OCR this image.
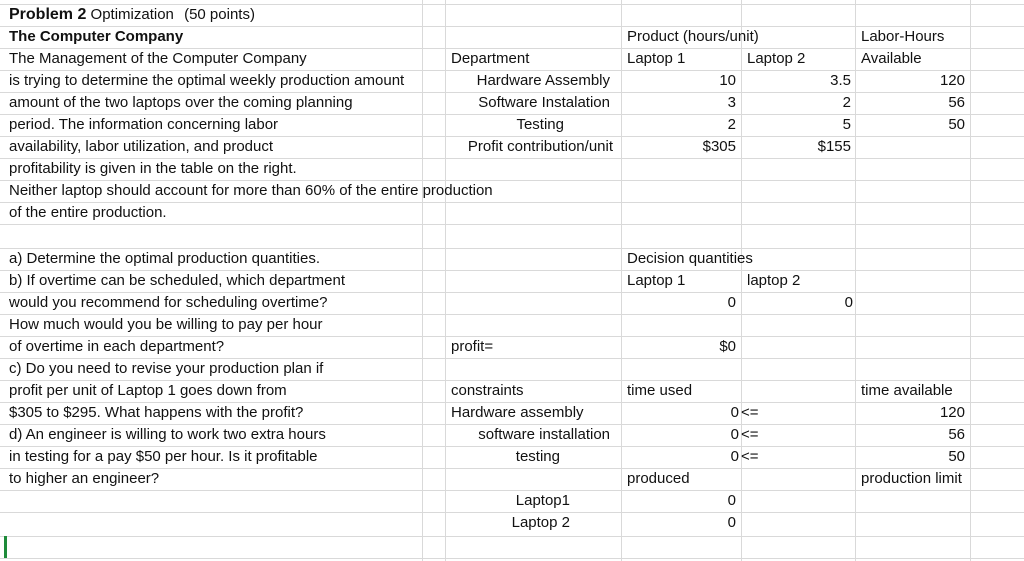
Problem 2 Optimization (50 points)
The Computer Company
The Management of the Computer Company
is trying to determine the optimal weekly production amount
amount of the two laptops over the coming planning
period. The information concerning labor
availability, labor utilization, and product
profitability is given in the table on the right.
Neither laptop should account for more than 60% of the entire production
of the entire production.
Product (hours/unit)	Labor-Hours
Department	Laptop 1	Laptop 2	Available
Hardware Assembly	10	3.5	120
Software Instalation	3	2	56
Testing	2	5	50
Profit contribution/unit	$305	$155
a) Determine the optimal production quantities.
b) If overtime can be scheduled, which department
would you recommend for scheduling overtime?
How much would you be willing to pay per hour
of overtime in each department?
c) Do you need to revise your production plan if
profit per unit of Laptop 1 goes down from
$305 to $295. What happens with the profit?
d) An engineer is willing to work two extra hours
in testing for a pay $50 per hour. Is it profitable
to higher an engineer?
Decision quantities
Laptop 1	laptop 2
0	0
profit=	$0
constraints	time used	time available
Hardware assembly	0 <=	120
software installation	0 <=	56
testing	0 <=	50
produced	production limit
Laptop1	0
Laptop 2	0
